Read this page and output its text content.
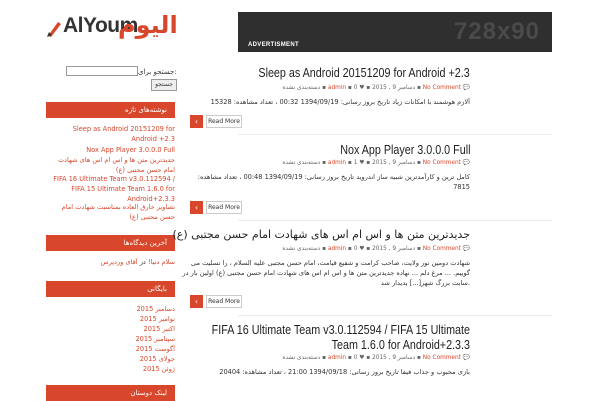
AlYoum
اليوم	728x90
ADVERTISMENT
جستجو برای:
جستجو
نوشته‌های تازه
Sleep as Android 20151209 for Android +2.3
Nox App Player 3.0.0.0 Full
جدیدترین متن ها و اس ام اس های شهادت امام حسن مجتبی (ع)
FIFA 16 Ultimate Team v3.0.112594 / FIFA 15 Ultimate Team 1.6.0 for Android+2.3.3
تصاویر خارق العاده بمناسبت شهادت امام حسن مجتبی (ع)
آخرین دیدگاه‌ها
سلام دنیا! در آقای وردپرس
بایگانی
دسامبر 2015
نوامبر 2015
اکتبر 2015
سپتامبر 2015
آگوست 2015
جولای 2015
ژوئن 2015
لینک دوستان
Sleep as Android 20151209 for Android +2.3
دسته‌بندی نشده ▪ admin ▪	دسامبر 9 , 2015 ▪ ♥ 0	▪ No Comment 💬
آلارم هوشمند با امکانات زیاد تاریخ بروز رسانی: 1394/09/19 00:32 ، تعداد مشاهده: 15328
‹	Read More
Nox App Player 3.0.0.0 Full
دسته‌بندی نشده ▪ admin ▪	دسامبر 9 , 2015 ▪ ♥ 1	▪ No Comment 💬
کامل ترین و کارآمدترین شبیه ساز اندروید تاریخ بروز رسانی: 1394/09/19 00:48 ، تعداد مشاهده: 7815
‹	Read More
جدیدترین متن ها و اس ام اس های شهادت امام حسن مجتبی (ع)
دسته‌بندی نشده ▪ admin ▪	دسامبر 9 , 2015 ▪ ♥ 0	▪ No Comment 💬
شهادت دومین نور ولایت، صاحب کرامت و شفیع قیامت، امام حسن مجتبی علیه السلام ، را تسلیت می گوییم. ... مرغ دلم ... نهاده جدیدترین متن ها و اس ام اس های شهادت امام حسن مجتبی (ع) اولین بار در سایت بزرگ شهر[...] بدیدار شد.
‹	Read More
FIFA 16 Ultimate Team v3.0.112594 / FIFA 15 Ultimate Team 1.6.0 for Android+2.3.3
دسته‌بندی نشده ▪ admin ▪	دسامبر 9 , 2015 ▪ ♥ 0	▪ No Comment 💬
بازی محبوب و جذاب فیفا تاریخ بروز رسانی: 1394/09/18 21:00 ، تعداد مشاهده: 20404
